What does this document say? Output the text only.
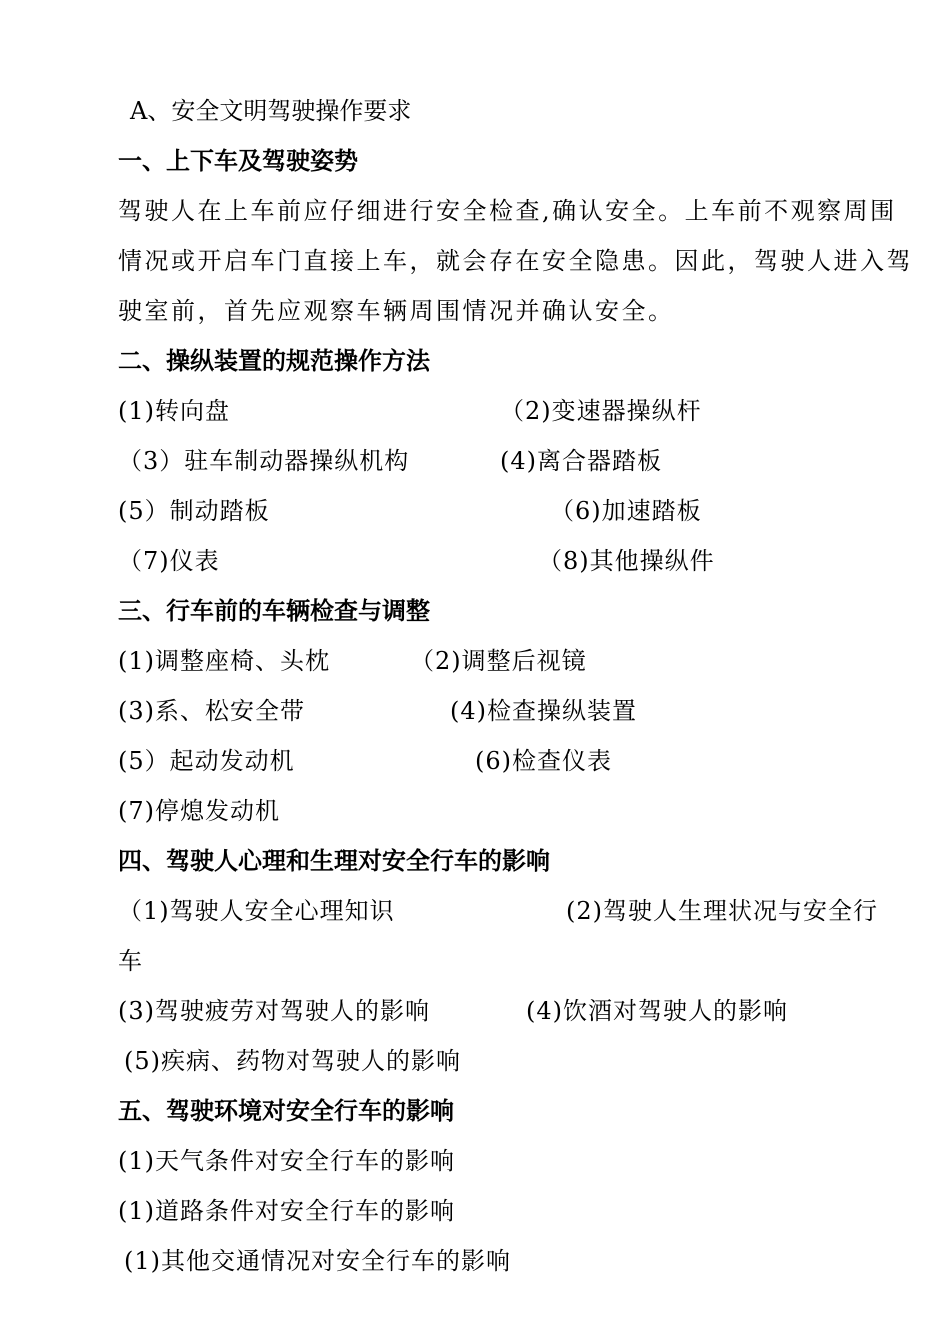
A、安全文明驾驶操作要求
一、上下车及驾驶姿势
驾驶人在上车前应仔细进行安全检查,确认安全。上车前不观察周围
情况或开启车门直接上车，就会存在安全隐患。因此，驾驶人进入驾
驶室前，首先应观察车辆周围情况并确认安全。
二、操纵装置的规范操作方法
(1)转向盘	（2)变速器操纵杆
（3）驻车制动器操纵机构	(4)离合器踏板
(5）制动踏板	（6)加速踏板
（7)仪表	（8)其他操纵件
三、行车前的车辆检查与调整
(1)调整座椅、头枕	（2)调整后视镜
(3)系、松安全带	(4)检查操纵装置
(5）起动发动机	(6)检查仪表
(7)停熄发动机
四、驾驶人心理和生理对安全行车的影响
（1)驾驶人安全心理知识	(2)驾驶人生理状况与安全行
车
(3)驾驶疲劳对驾驶人的影响	(4)饮酒对驾驶人的影响
(5)疾病、药物对驾驶人的影响
五、驾驶环境对安全行车的影响
(1)天气条件对安全行车的影响
(1)道路条件对安全行车的影响
(1)其他交通情况对安全行车的影响
